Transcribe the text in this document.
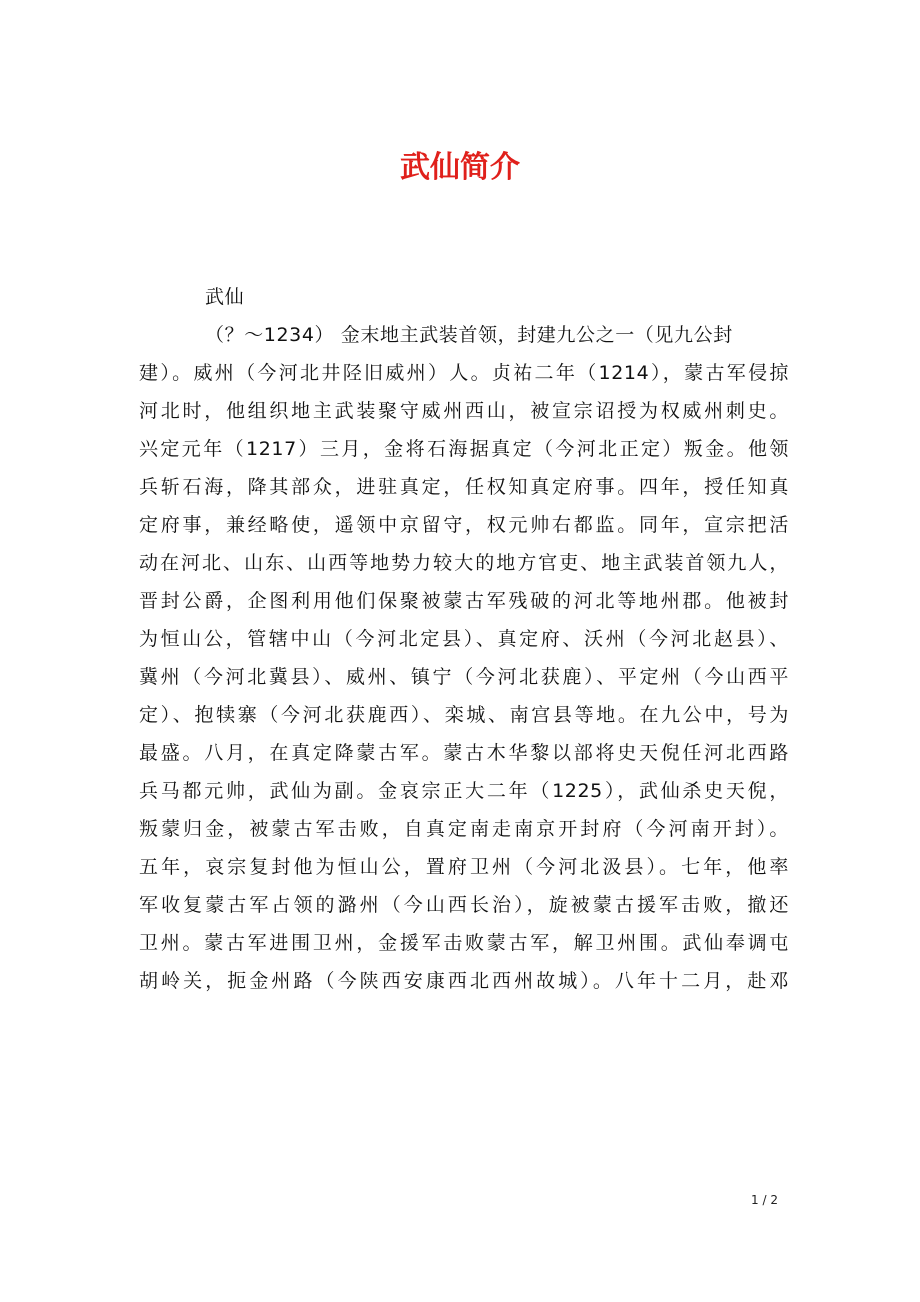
武仙简介
武仙
（？～1234） 金末地主武装首领，封建九公之一（见九公封
建）。威州（今河北井陉旧威州）人。贞祐二年（1214），蒙古军侵掠
河北时，他组织地主武装聚守威州西山，被宣宗诏授为权威州刺史。
兴定元年（1217）三月，金将石海据真定（今河北正定）叛金。他领
兵斩石海，降其部众，进驻真定，任权知真定府事。四年，授任知真
定府事，兼经略使，遥领中京留守，权元帅右都监。同年，宣宗把活
动在河北、山东、山西等地势力较大的地方官吏、地主武装首领九人，
晋封公爵，企图利用他们保聚被蒙古军残破的河北等地州郡。他被封
为恒山公，管辖中山（今河北定县）、真定府、沃州（今河北赵县）、
冀州（今河北冀县）、威州、镇宁（今河北获鹿）、平定州（今山西平
定）、抱犊寨（今河北获鹿西）、栾城、南宫县等地。在九公中，号为
最盛。八月，在真定降蒙古军。蒙古木华黎以部将史天倪任河北西路
兵马都元帅，武仙为副。金哀宗正大二年（1225），武仙杀史天倪，
叛蒙归金，被蒙古军击败，自真定南走南京开封府（今河南开封）。
五年，哀宗复封他为恒山公，置府卫州（今河北汲县）。七年，他率
军收复蒙古军占领的潞州（今山西长治），旋被蒙古援军击败，撤还
卫州。蒙古军进围卫州，金援军击败蒙古军，解卫州围。武仙奉调屯
胡岭关，扼金州路（今陕西安康西北西州故城）。八年十二月，赴邓
1 / 2
